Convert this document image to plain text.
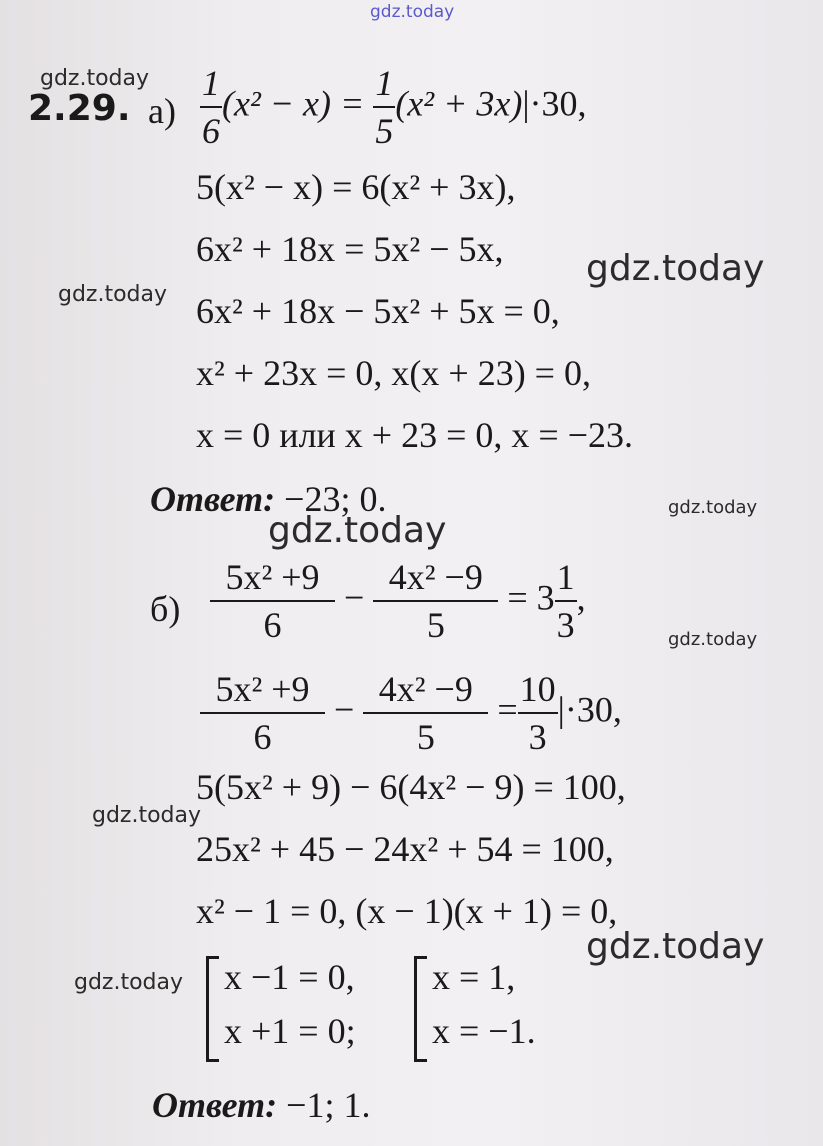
gdz.today
gdz.today
gdz.today
gdz.today
gdz.today
gdz.today
gdz.today
gdz.today
gdz.today
gdz.today
2.29. $а) \frac{1}{6} (x^2 - x) = \frac{1}{5} (x^2 + 3x)|\cdot 30$,
5(x² − x) = 6(x² + 3x),
6x² + 18x = 5x² − 5x,
6x² + 18x − 5x² + 5x = 0,
x² + 23x = 0, x(x + 23) = 0,
x = 0 или x + 23 = 0, x = −23.
Ответ: −23; 0.
$б) \frac{\text{5x² +9}}{6} - \frac{\text{4x² −9}}{5} = 3 \frac{1}{3}$ ,
$\frac{\text{5x² +9}}{6} - \frac{\text{4x² −9}}{5} = \frac{10}{3} |\cdot 30$,
5(5x² + 9) − 6(4x² − 9) = 100,
25x² + 45 − 24x² + 54 = 100,
x² − 1 = 0, (x − 1)(x + 1) = 0,
x −1 = 0,
x +1 = 0;
x = 1,
x = −1.
Ответ: −1; 1.
